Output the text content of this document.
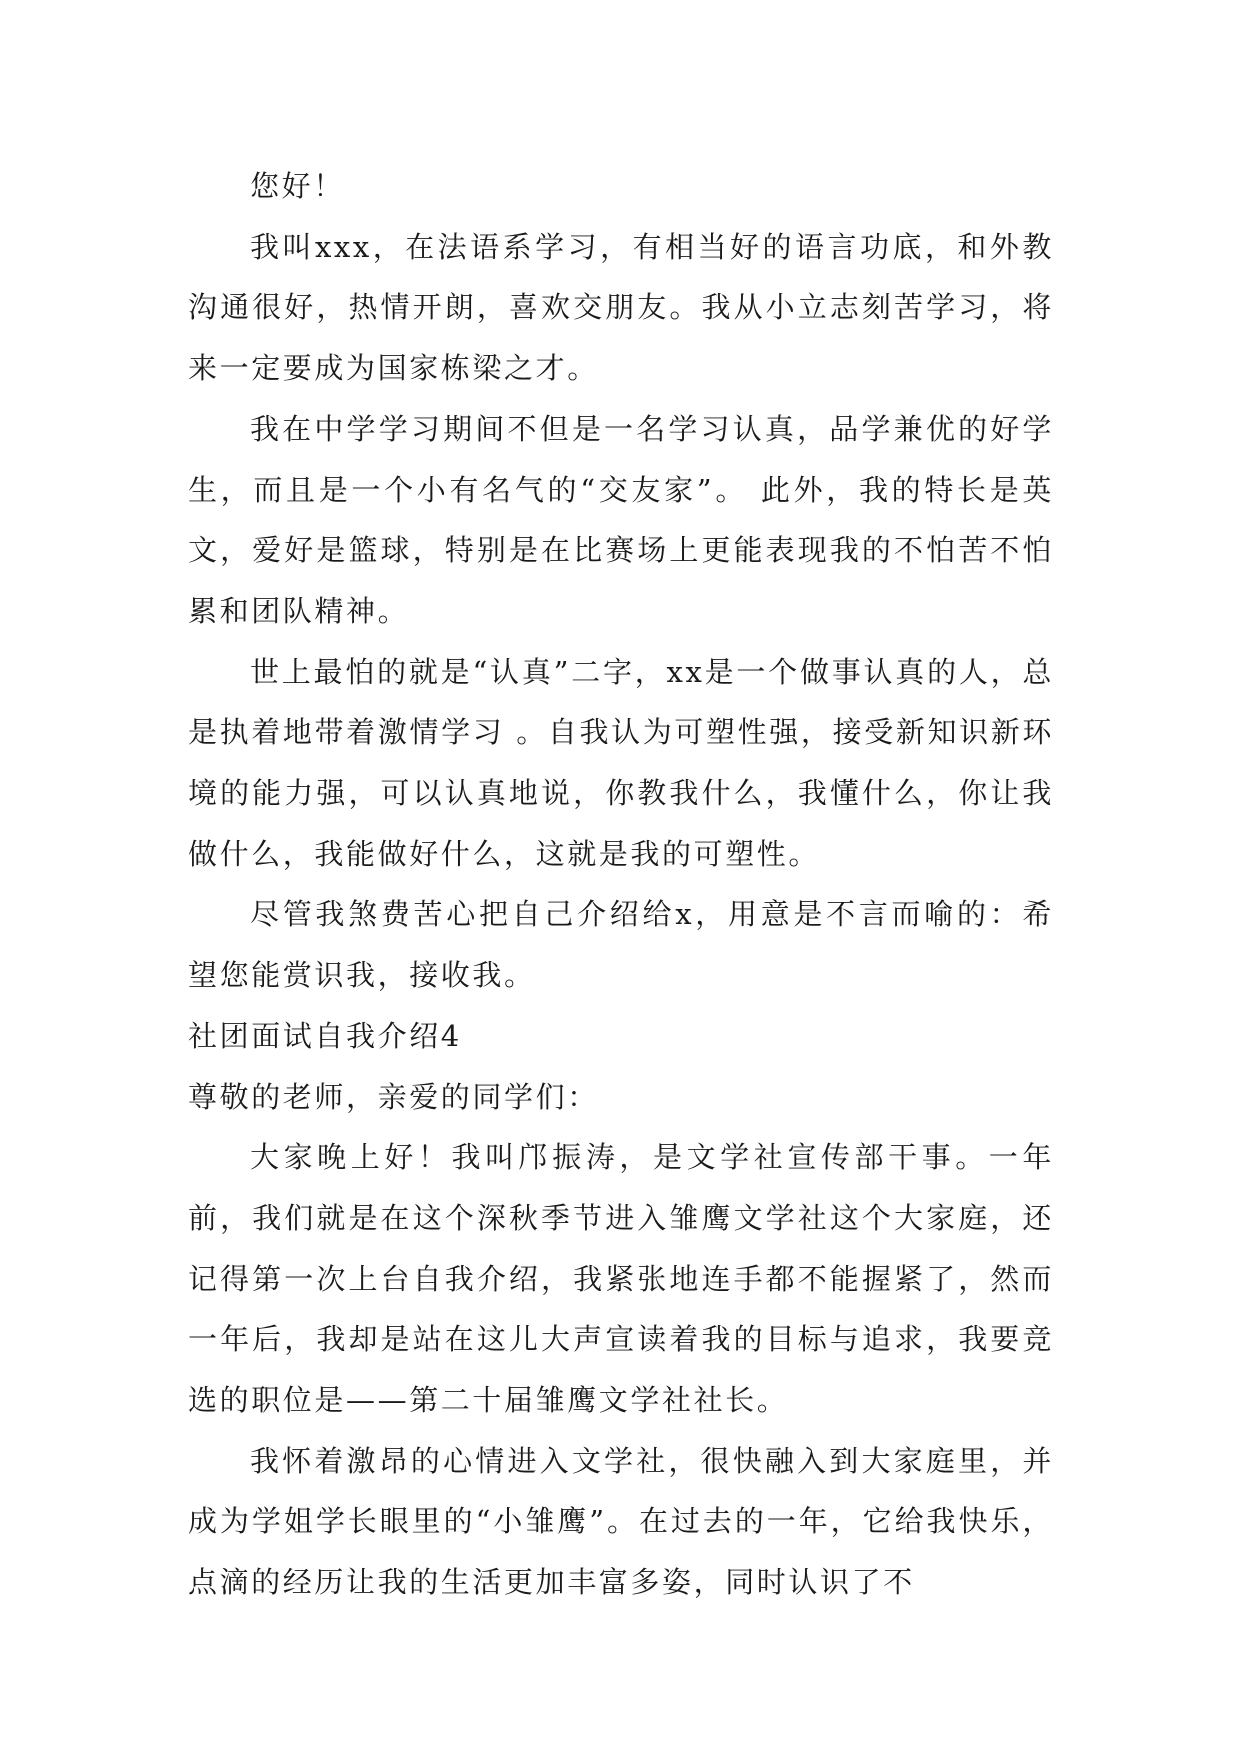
您好！

我叫xxx，在法语系学习，有相当好的语言功底，和外教沟通很好，热情开朗，喜欢交朋友。我从小立志刻苦学习，将来一定要成为国家栋梁之才。

我在中学学习期间不但是一名学习认真，品学兼优的好学生，而且是一个小有名气的“交友家”。 此外，我的特长是英文，爱好是篮球，特别是在比赛场上更能表现我的不怕苦不怕累和团队精神。

世上最怕的就是“认真”二字，xx是一个做事认真的人，总是执着地带着激情学习 。自我认为可塑性强，接受新知识新环境的能力强，可以认真地说，你教我什么，我懂什么，你让我做什么，我能做好什么，这就是我的可塑性。

尽管我煞费苦心把自己介绍给x，用意是不言而喻的：希望您能赏识我，接收我。

社团面试自我介绍4

尊敬的老师，亲爱的同学们：

大家晚上好！我叫邝振涛，是文学社宣传部干事。一年前，我们就是在这个深秋季节进入雏鹰文学社这个大家庭，还记得第一次上台自我介绍，我紧张地连手都不能握紧了，然而一年后，我却是站在这儿大声宣读着我的目标与追求，我要竞选的职位是——第二十届雏鹰文学社社长。

我怀着激昂的心情进入文学社，很快融入到大家庭里，并成为学姐学长眼里的“小雏鹰”。在过去的一年，它给我快乐，点滴的经历让我的生活更加丰富多姿，同时认识了不
